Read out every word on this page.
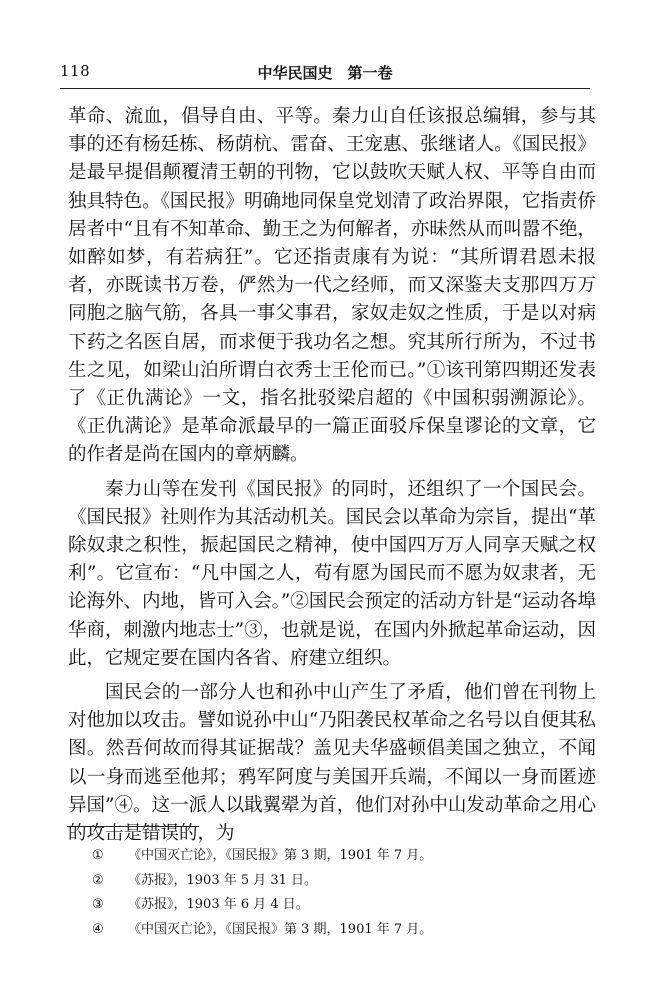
118	中华民国史　第一卷

革命、流血，倡导自由、平等。秦力山自任该报总编辑，参与其事的还有杨廷栋、杨荫杭、雷奋、王宠惠、张继诸人。《国民报》是最早提倡颠覆清王朝的刊物，它以鼓吹天赋人权、平等自由而独具特色。《国民报》明确地同保皇党划清了政治界限，它指责侨居者中“且有不知革命、勤王之为何解者，亦昧然从而叫嚣不绝，如醉如梦，有若病狂”。它还指责康有为说：“其所谓君恩未报者，亦既读书万卷，俨然为一代之经师，而又深鉴夫支那四万万同胞之脑气筋，各具一事父事君，家奴走奴之性质，于是以对病下药之名医自居，而求便于我功名之想。究其所行所为，不过书生之见，如梁山泊所谓白衣秀士王伦而已。”①该刊第四期还发表了《正仇满论》一文，指名批驳梁启超的《中国积弱溯源论》。《正仇满论》是革命派最早的一篇正面驳斥保皇谬论的文章，它的作者是尚在国内的章炳麟。

秦力山等在发刊《国民报》的同时，还组织了一个国民会。《国民报》社则作为其活动机关。国民会以革命为宗旨，提出“革除奴隶之积性，振起国民之精神，使中国四万万人同享天赋之权利”。它宣布：“凡中国之人，苟有愿为国民而不愿为奴隶者，无论海外、内地，皆可入会。”②国民会预定的活动方针是“运动各埠华商，刺激内地志士”③，也就是说，在国内外掀起革命运动，因此，它规定要在国内各省、府建立组织。

国民会的一部分人也和孙中山产生了矛盾，他们曾在刊物上对他加以攻击。譬如说孙中山“乃阳袭民权革命之名号以自便其私图。然吾何故而得其证据哉？盖见夫华盛顿倡美国之独立，不闻以一身而逃至他邦；鸦军阿度与美国开兵端，不闻以一身而匿迹异国”④。这一派人以戢翼翚为首，他们对孙中山发动革命之用心的攻击是错误的，为

① 《中国灭亡论》，《国民报》第 3 期，1901 年 7 月。
② 《苏报》，1903 年 5 月 31 日。
③ 《苏报》，1903 年 6 月 4 日。
④ 《中国灭亡论》，《国民报》第 3 期，1901 年 7 月。
